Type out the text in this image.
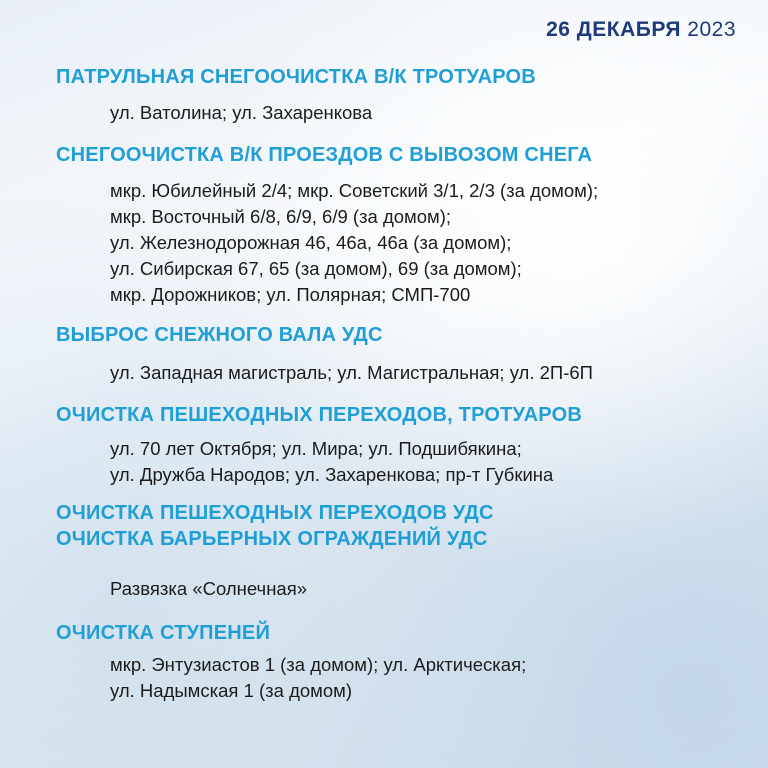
26 ДЕКАБРЯ 2023
ПАТРУЛЬНАЯ СНЕГООЧИСТКА В/К ТРОТУАРОВ
ул. Ватолина; ул. Захаренкова
СНЕГООЧИСТКА В/К ПРОЕЗДОВ С ВЫВОЗОМ СНЕГА
мкр. Юбилейный 2/4; мкр. Советский 3/1, 2/3 (за домом);
мкр. Восточный 6/8, 6/9, 6/9 (за домом);
ул. Железнодорожная 46, 46а, 46а (за домом);
ул. Сибирская 67, 65 (за домом), 69 (за домом);
мкр. Дорожников; ул. Полярная; СМП-700
ВЫБРОС СНЕЖНОГО ВАЛА УДС
ул. Западная магистраль; ул. Магистральная; ул. 2П-6П
ОЧИСТКА ПЕШЕХОДНЫХ ПЕРЕХОДОВ, ТРОТУАРОВ
ул. 70 лет Октября; ул. Мира; ул. Подшибякина;
ул. Дружба Народов; ул. Захаренкова; пр-т Губкина
ОЧИСТКА ПЕШЕХОДНЫХ ПЕРЕХОДОВ УДС
ОЧИСТКА БАРЬЕРНЫХ ОГРАЖДЕНИЙ УДС
Развязка «Солнечная»
ОЧИСТКА СТУПЕНЕЙ
мкр. Энтузиастов 1 (за домом); ул. Арктическая;
ул. Надымская 1 (за домом)
